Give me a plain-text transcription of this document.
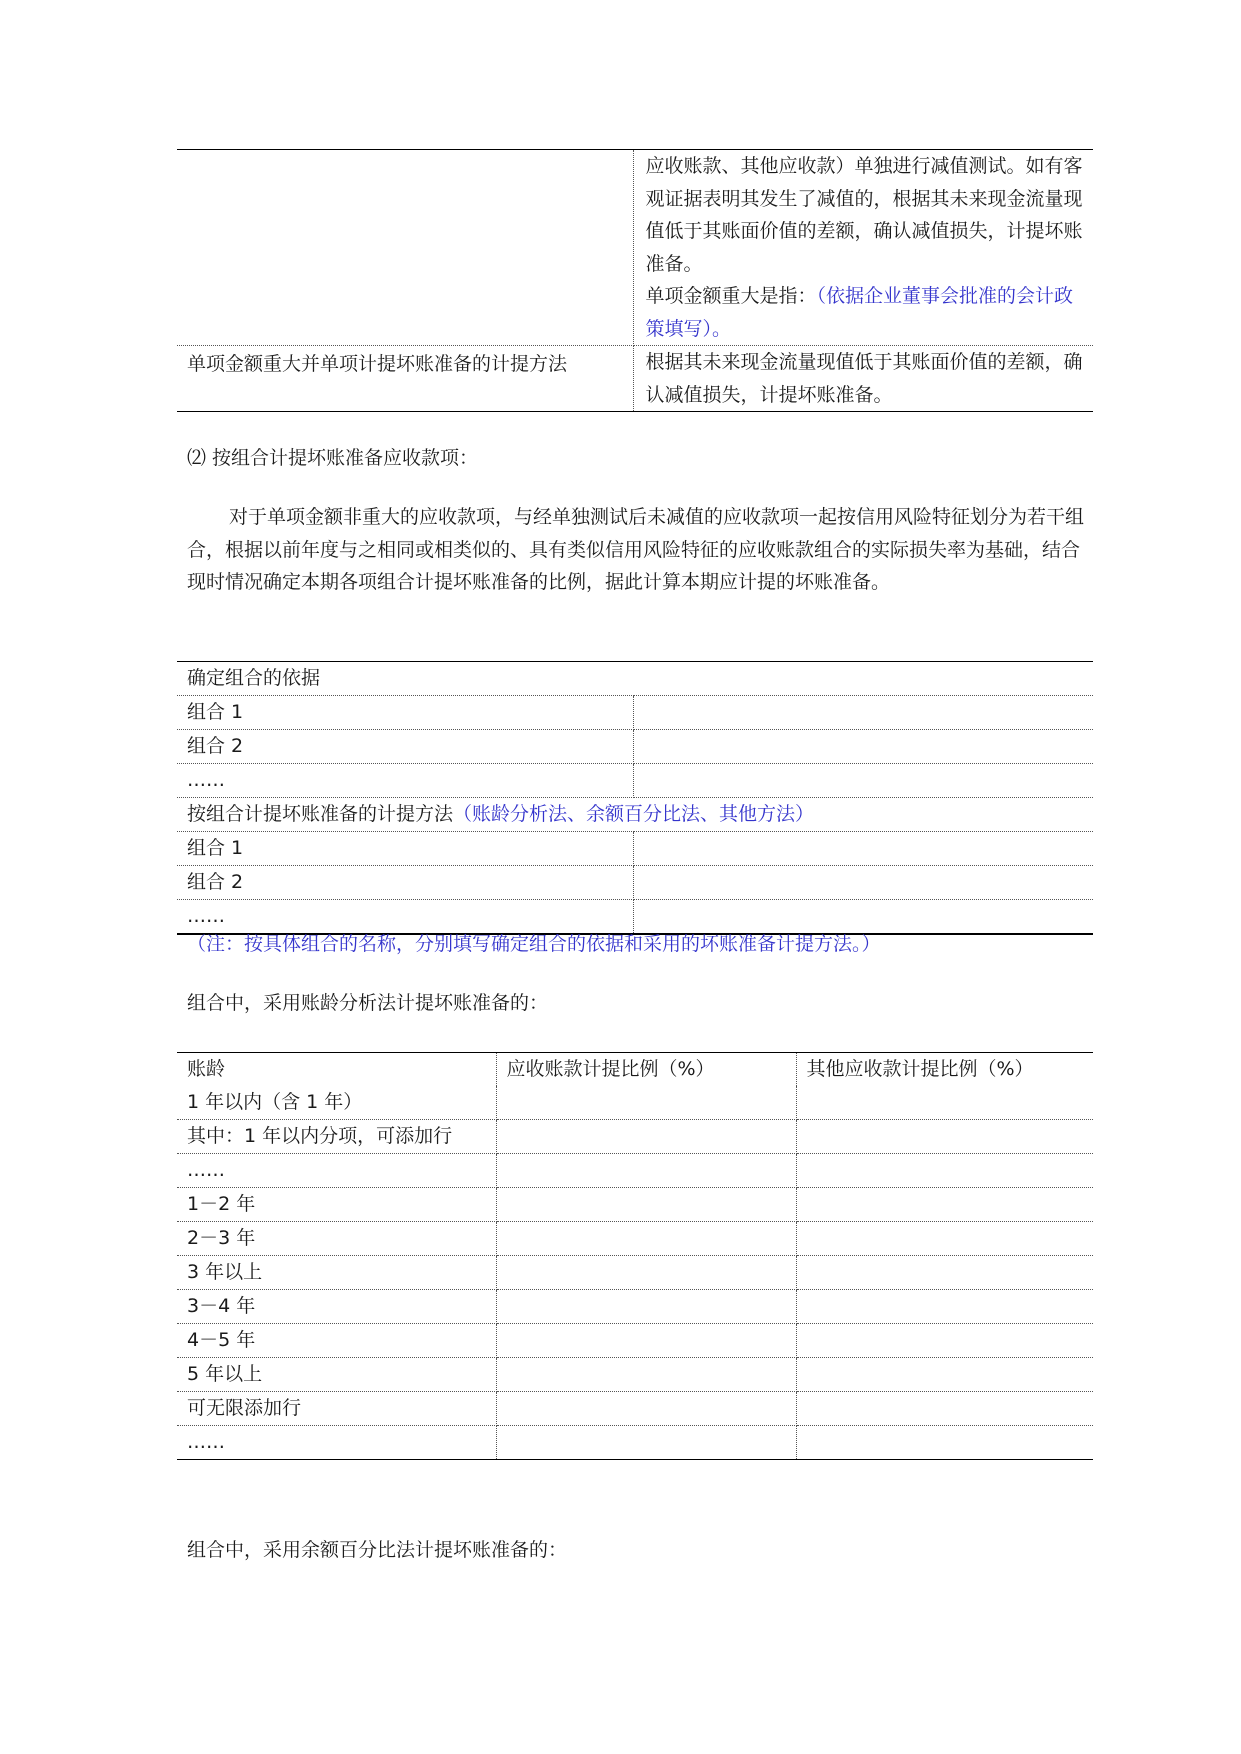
	应收账款、其他应收款）单独进行减值测试。如有客观证据表明其发生了减值的，根据其未来现金流量现值低于其账面价值的差额，确认减值损失，计提坏账准备。
单项金额重大是指：（依据企业董事会批准的会计政策填写）。
单项金额重大并单项计提坏账准备的计提方法	根据其未来现金流量现值低于其账面价值的差额，确认减值损失，计提坏账准备。
⑵ 按组合计提坏账准备应收款项：
对于单项金额非重大的应收款项，与经单独测试后未减值的应收款项一起按信用风险特征划分为若干组合，根据以前年度与之相同或相类似的、具有类似信用风险特征的应收账款组合的实际损失率为基础，结合现时情况确定本期各项组合计提坏账准备的比例，据此计算本期应计提的坏账准备。
确定组合的依据	
组合 1	
组合 2	
……	
按组合计提坏账准备的计提方法（账龄分析法、余额百分比法、其他方法）	
组合 1	
组合 2	
……	
（注：按具体组合的名称，分别填写确定组合的依据和采用的坏账准备计提方法。）
组合中，采用账龄分析法计提坏账准备的：
账龄	应收账款计提比例（%）	其他应收款计提比例（%）
1 年以内（含 1 年）		
其中：1 年以内分项，可添加行		
……		
1－2 年		
2－3 年		
3 年以上		
3－4 年		
4－5 年		
5 年以上		
可无限添加行		
……		
组合中，采用余额百分比法计提坏账准备的：
